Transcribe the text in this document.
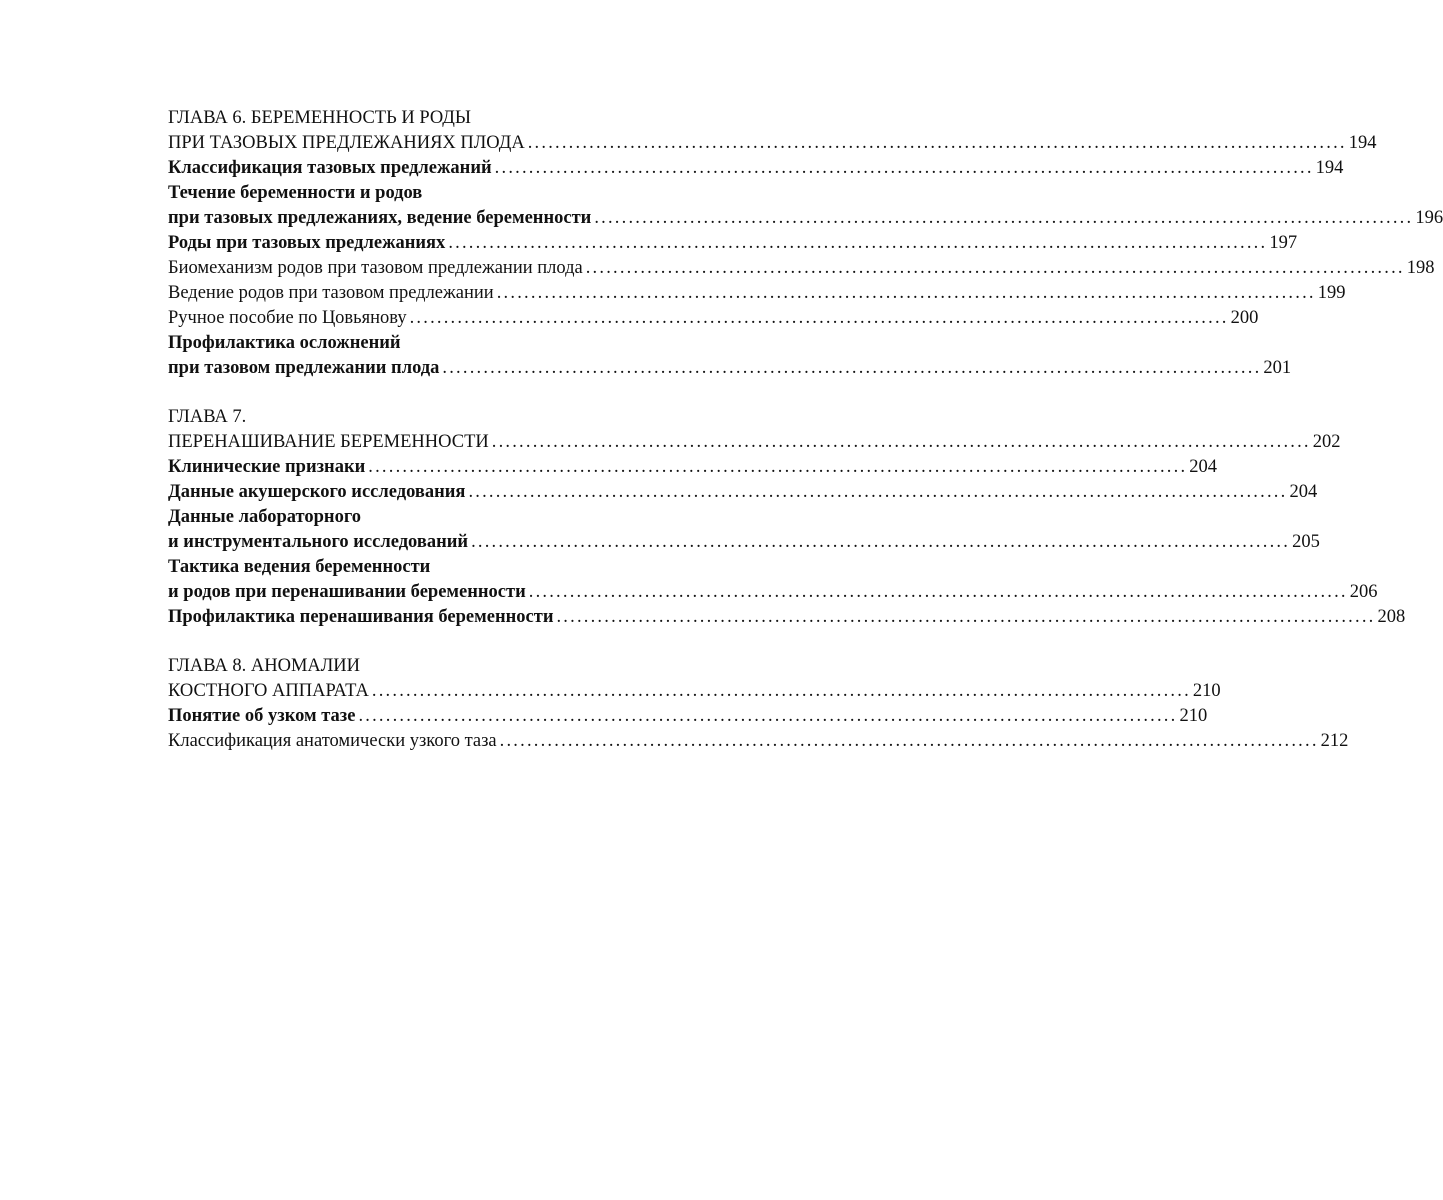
ГЛАВА 6. БЕРЕМЕННОСТЬ И РОДЫ
ПРИ ТАЗОВЫХ ПРЕДЛЕЖАНИЯХ ПЛОДА ........................................................................................................................ 194
Классификация тазовых предлежаний ........................................................................................................................ 194
Течение беременности и родов
при тазовых предлежаниях, ведение беременности ........................................................................................................................ 196
Роды при тазовых предлежаниях ........................................................................................................................ 197
Биомеханизм родов при тазовом предлежании плода ........................................................................................................................ 198
Ведение родов при тазовом предлежании ........................................................................................................................ 199
Ручное пособие по Цовьянову ........................................................................................................................ 200
Профилактика осложнений
при тазовом предлежании плода ........................................................................................................................ 201
ГЛАВА 7.
ПЕРЕНАШИВАНИЕ БЕРЕМЕННОСТИ ........................................................................................................................ 202
Клинические признаки ........................................................................................................................ 204
Данные акушерского исследования ........................................................................................................................ 204
Данные лабораторного
и инструментального исследований ........................................................................................................................ 205
Тактика ведения беременности
и родов при перенашивании беременности ........................................................................................................................ 206
Профилактика перенашивания беременности ........................................................................................................................ 208
ГЛАВА 8. АНОМАЛИИ
КОСТНОГО АППАРАТА ........................................................................................................................ 210
Понятие об узком тазе ........................................................................................................................ 210
Классификация анатомически узкого таза ........................................................................................................................ 212
